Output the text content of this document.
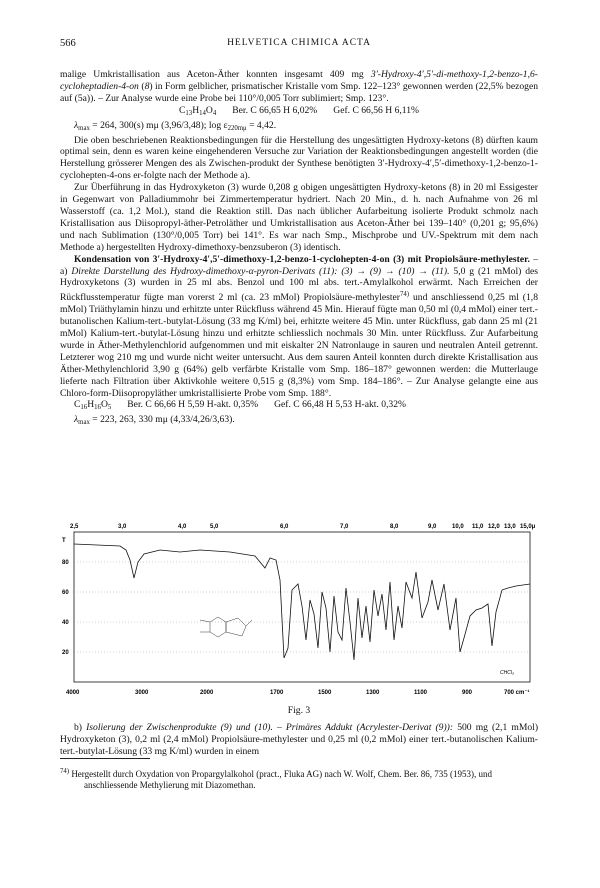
566	HELVETICA CHIMICA ACTA

malige Umkristallisation aus Aceton-Äther konnten insgesamt 409 mg 3′-Hydroxy-4′,5′-di-methoxy-1,2-benzo-1,6-cycloheptadien-4-on (8) in Form gelblicher, prismatischer Kristalle vom Smp. 122–123° gewonnen werden (22,5% bezogen auf (5a)). – Zur Analyse wurde eine Probe bei 110°/0,005 Torr sublimiert; Smp. 123°.

$C_{13}H_{14}O_4$ Ber. C 66,65 H 6,02% Gef. C 66,56 H 6,11%

$\lambda_{max} = 264$, 300(s) mμ (3,96/3,48); $\log \varepsilon_{220m\mu} = 4,42$.

Die oben beschriebenen Reaktionsbedingungen für die Herstellung des ungesättigten Hydroxy-ketons (8) dürften kaum optimal sein, denn es waren keine eingehenderen Versuche zur Variation der Reaktionsbedingungen angestellt worden (die Herstellung grösserer Mengen des als Zwischen-produkt der Synthese benötigten 3′-Hydroxy-4′,5′-dimethoxy-1,2-benzo-1-cyclohepten-4-ons er-folgte nach der Methode a).

Zur Überführung in das Hydroxyketon (3) wurde 0,208 g obigen ungesättigten Hydroxy-ketons (8) in 20 ml Essigester in Gegenwart von Palladiummohr bei Zimmertemperatur hydriert. Nach 20 Min., d. h. nach Aufnahme von 26 ml Wasserstoff (ca. 1,2 Mol.), stand die Reaktion still. Das nach üblicher Aufarbeitung isolierte Produkt schmolz nach Kristallisation aus Diisopropyl-äther-Petroläther und Umkristallisation aus Aceton-Äther bei 139–140° (0,201 g; 95,6%) und nach Sublimation (130°/0,005 Torr) bei 141°. Es war nach Smp., Mischprobe und UV.-Spektrum mit dem nach Methode a) hergestellten Hydroxy-dimethoxy-benzsuberon (3) identisch.

Kondensation von 3′-Hydroxy-4′,5′-dimethoxy-1,2-benzo-1-cyclohepten-4-on (3) mit Propiolsäure-methylester. – a) Direkte Darstellung des Hydroxy-dimethoxy-α-pyron-Derivats (11): (3) → (9) → (10) → (11). 5,0 g (21 mMol) des Hydroxyketons (3) wurden in 25 ml abs. Benzol und 100 ml abs. tert.-Amylalkohol erwärmt. Nach Erreichen der Rückflusstemperatur fügte man vorerst 2 ml (ca. 23 mMol) Propiolsäure-methylester$^{74)}$ und anschliessend 0,25 ml (1,8 mMol) Triäthylamin hinzu und erhitzte unter Rückfluss während 45 Min. Hierauf fügte man 0,50 ml (0,4 mMol) einer tert.-butanolischen Kalium-tert.-butylat-Lösung (33 mg K/ml) bei, erhitzte weitere 45 Min. unter Rückfluss, gab dann 25 ml (21 mMol) Kalium-tert.-butylat-Lösung hinzu und erhitzte schliesslich nochmals 30 Min. unter Rückfluss. Zur Aufarbeitung wurde in Äther-Methylenchlorid aufgenommen und mit eiskalter 2N Natronlauge in sauren und neutralen Anteil getrennt. Letzterer wog 210 mg und wurde nicht weiter untersucht. Aus dem sauren Anteil konnten durch direkte Kristallisation aus Äther-Methylenchlorid 3,90 g (64%) gelb verfärbte Kristalle vom Smp. 186–187° gewonnen werden: die Mutterlauge lieferte nach Filtration über Aktivkohle weitere 0,515 g (8,3%) vom Smp. 184–186°. – Zur Analyse gelangte eine aus Chloro-form-Diisopropyläther umkristallisierte Probe vom Smp. 188°.

$C_{16}H_{16}O_5$ Ber. C 66,66 H 5,59 H-akt. 0,35% Gef. C 66,48 H 5,53 H-akt. 0,32%

$\lambda_{max} = 223$, 263, 330 mμ (4,33/4,26/3,63).

2,5	3,0	4,0	5,0	6,0	7,0	8,0	9,0	10,0 11,0 12,0 13,0 15,0μ
T
80
60
40
20
CHCl₃
4000	3000	2000	1700	1500	1300	1100	900	700 cm⁻¹
Fig. 3

b) Isolierung der Zwischenprodukte (9) und (10). – Primäres Addukt (Acrylester-Derivat (9)): 500 mg (2,1 mMol) Hydroxyketon (3), 0,2 ml (2,4 mMol) Propiolsäure-methylester und 0,25 ml (0,2 mMol) einer tert.-butanolischen Kalium-tert.-butylat-Lösung (33 mg K/ml) wurden in einem

$^{74)}$ Hergestellt durch Oxydation von Propargylalkohol (pract., Fluka AG) nach W. Wolf, Chem. Ber. 86, 735 (1953), und anschliessende Methylierung mit Diazomethan.
